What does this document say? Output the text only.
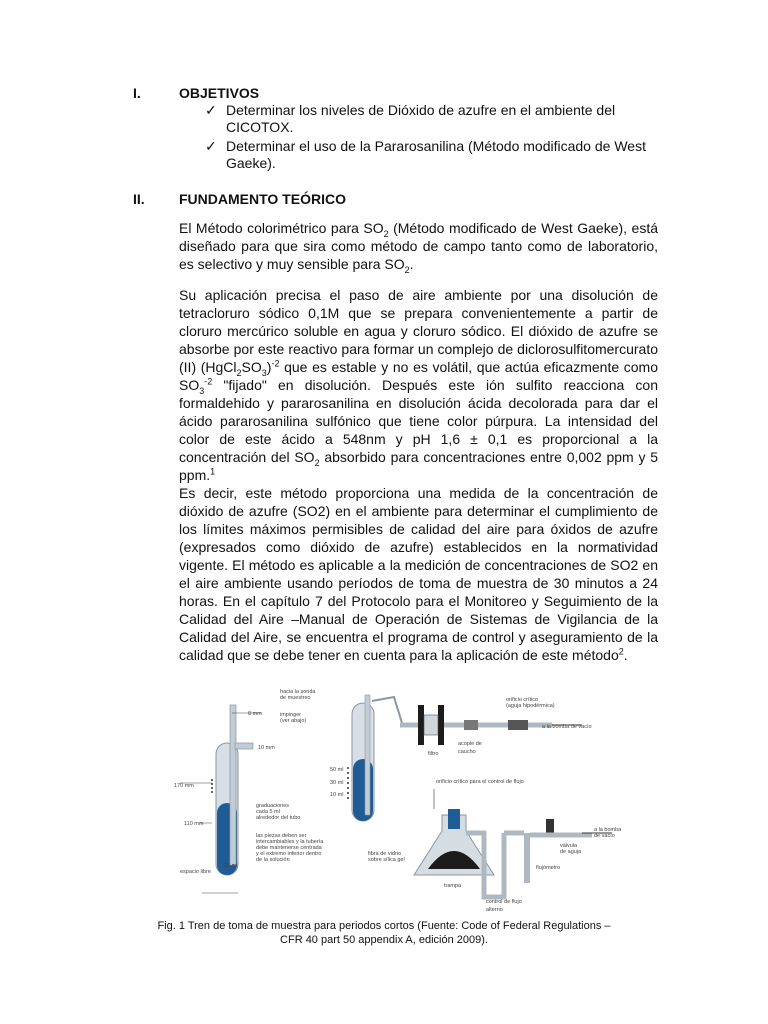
I.	OBJETIVOS
✓ Determinar los niveles de Dióxido de azufre en el ambiente del CICOTOX.
✓ Determinar el uso de la Pararosanilina (Método modificado de West Gaeke).
II. FUNDAMENTO TEÓRICO

El Método colorimétrico para $SO_2$ (Método modificado de West Gaeke), está diseñado para que sira como método de campo tanto como de laboratorio, es selectivo y muy sensible para $SO_2$.

Su aplicación precisa el paso de aire ambiente por una disolución de tetracloruro sódico 0,1M que se prepara convenientemente a partir de cloruro mercúrico soluble en agua y cloruro sódico. El dióxido de azufre se absorbe por este reactivo para formar un complejo de diclorosulfitomercurato (II) $(HgCl_2SO_3)^{-2}$ que es estable y no es volátil, que actúa eficazmente como $SO_3^{-2}$ "fijado" en disolución. Después este ión sulfito reacciona con formaldehido y pararosanilina en disolución ácida decolorada para dar el ácido pararosanilina sulfónico que tiene color púrpura. La intensidad del color de este ácido a 548nm y pH 1,6 ± 0,1 es proporcional a la concentración del $SO_2$ absorbido para concentraciones entre 0,002 ppm y 5 ppm.$^1$

Es decir, este método proporciona una medida de la concentración de dióxido de azufre (SO2) en el ambiente para determinar el cumplimiento de los límites máximos permisibles de calidad del aire para óxidos de azufre (expresados como dióxido de azufre) establecidos en la normatividad vigente. El método es aplicable a la medición de concentraciones de SO2 en el aire ambiente usando períodos de toma de muestra de 30 minutos a 24 horas. En el capítulo 7 del Protocolo para el Monitoreo y Seguimiento de la Calidad del Aire –Manual de Operación de Sistemas de Vigilancia de la Calidad del Aire, se encuentra el programa de control y aseguramiento de la calidad que se debe tener en cuenta para la aplicación de este método$^2$.

8 mm
10 mm
170 mm
110 mm
25 ml
espacio libre
graduaciones cada 5 ml alrededor del tubo
las piezas deben ser intercambiables y la tubería debe mantenerse centrada y el extremo inferior dentro de la solución
hacia la sonda de muestreo
impinger (ver abajo)
50 ml
30 ml
10 ml
filtro
acople de caucho
orificio crítico (aguja hipodérmica)
a la bomba de vacío
orificio crítico para el control de flujo
a la bomba de vacío
válvula de aguja
fibra de vidrio sobre sílica gel
trampa
flujómetro
control de flujo alterno
Fig. 1 Tren de toma de muestra para periodos cortos (Fuente: Code of Federal Regulations –
CFR 40 part 50 appendix A, edición 2009).
